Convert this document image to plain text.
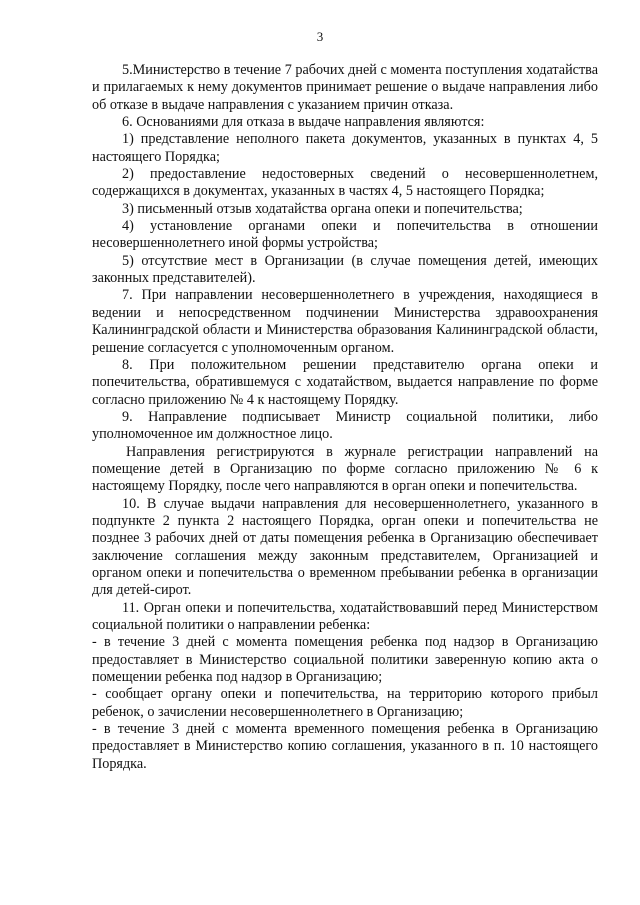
3

5.Министерство в течение 7 рабочих дней с момента поступления ходатайства и прилагаемых к нему документов принимает решение о выдаче направления либо об отказе в выдаче направления с указанием причин отказа.

6. Основаниями для отказа в выдаче направления являются:

1) представление неполного пакета документов, указанных в пунктах 4, 5 настоящего Порядка;

2) предоставление недостоверных сведений о несовершеннолетнем, содержащихся в документах, указанных в частях 4, 5 настоящего Порядка;

3) письменный отзыв ходатайства органа опеки и попечительства;

4) установление органами опеки и попечительства в отношении несовершеннолетнего иной формы устройства;

5) отсутствие мест в Организации (в случае помещения детей, имеющих законных представителей).

7. При направлении несовершеннолетнего в учреждения, находящиеся в ведении и непосредственном подчинении Министерства здравоохранения Калининградской области и Министерства образования Калининградской области, решение согласуется с уполномоченным органом.

8. При положительном решении представителю органа опеки и попечительства, обратившемуся с ходатайством, выдается направление по форме согласно приложению № 4 к настоящему Порядку.

9. Направление подписывает Министр социальной политики, либо уполномоченное им должностное лицо.

Направления регистрируются в журнале регистрации направлений на помещение детей в Организацию по форме согласно приложению № 6 к настоящему Порядку, после чего направляются в орган опеки и попечительства.

10. В случае выдачи направления для несовершеннолетнего, указанного в подпункте 2 пункта 2 настоящего Порядка, орган опеки и попечительства не позднее 3 рабочих дней от даты помещения ребенка в Организацию обеспечивает заключение соглашения между законным представителем, Организацией и органом опеки и попечительства о временном пребывании ребенка в организации для детей-сирот.

11. Орган опеки и попечительства, ходатайствовавший перед Министерством социальной политики о направлении ребенка:

- в течение 3 дней с момента помещения ребенка под надзор в Организацию предоставляет в Министерство социальной политики заверенную копию акта о помещении ребенка под надзор в Организацию;

- сообщает органу опеки и попечительства, на территорию которого прибыл ребенок, о зачислении несовершеннолетнего в Организацию;

- в течение 3 дней с момента временного помещения ребенка в Организацию предоставляет в Министерство копию соглашения, указанного в п. 10 настоящего Порядка.
